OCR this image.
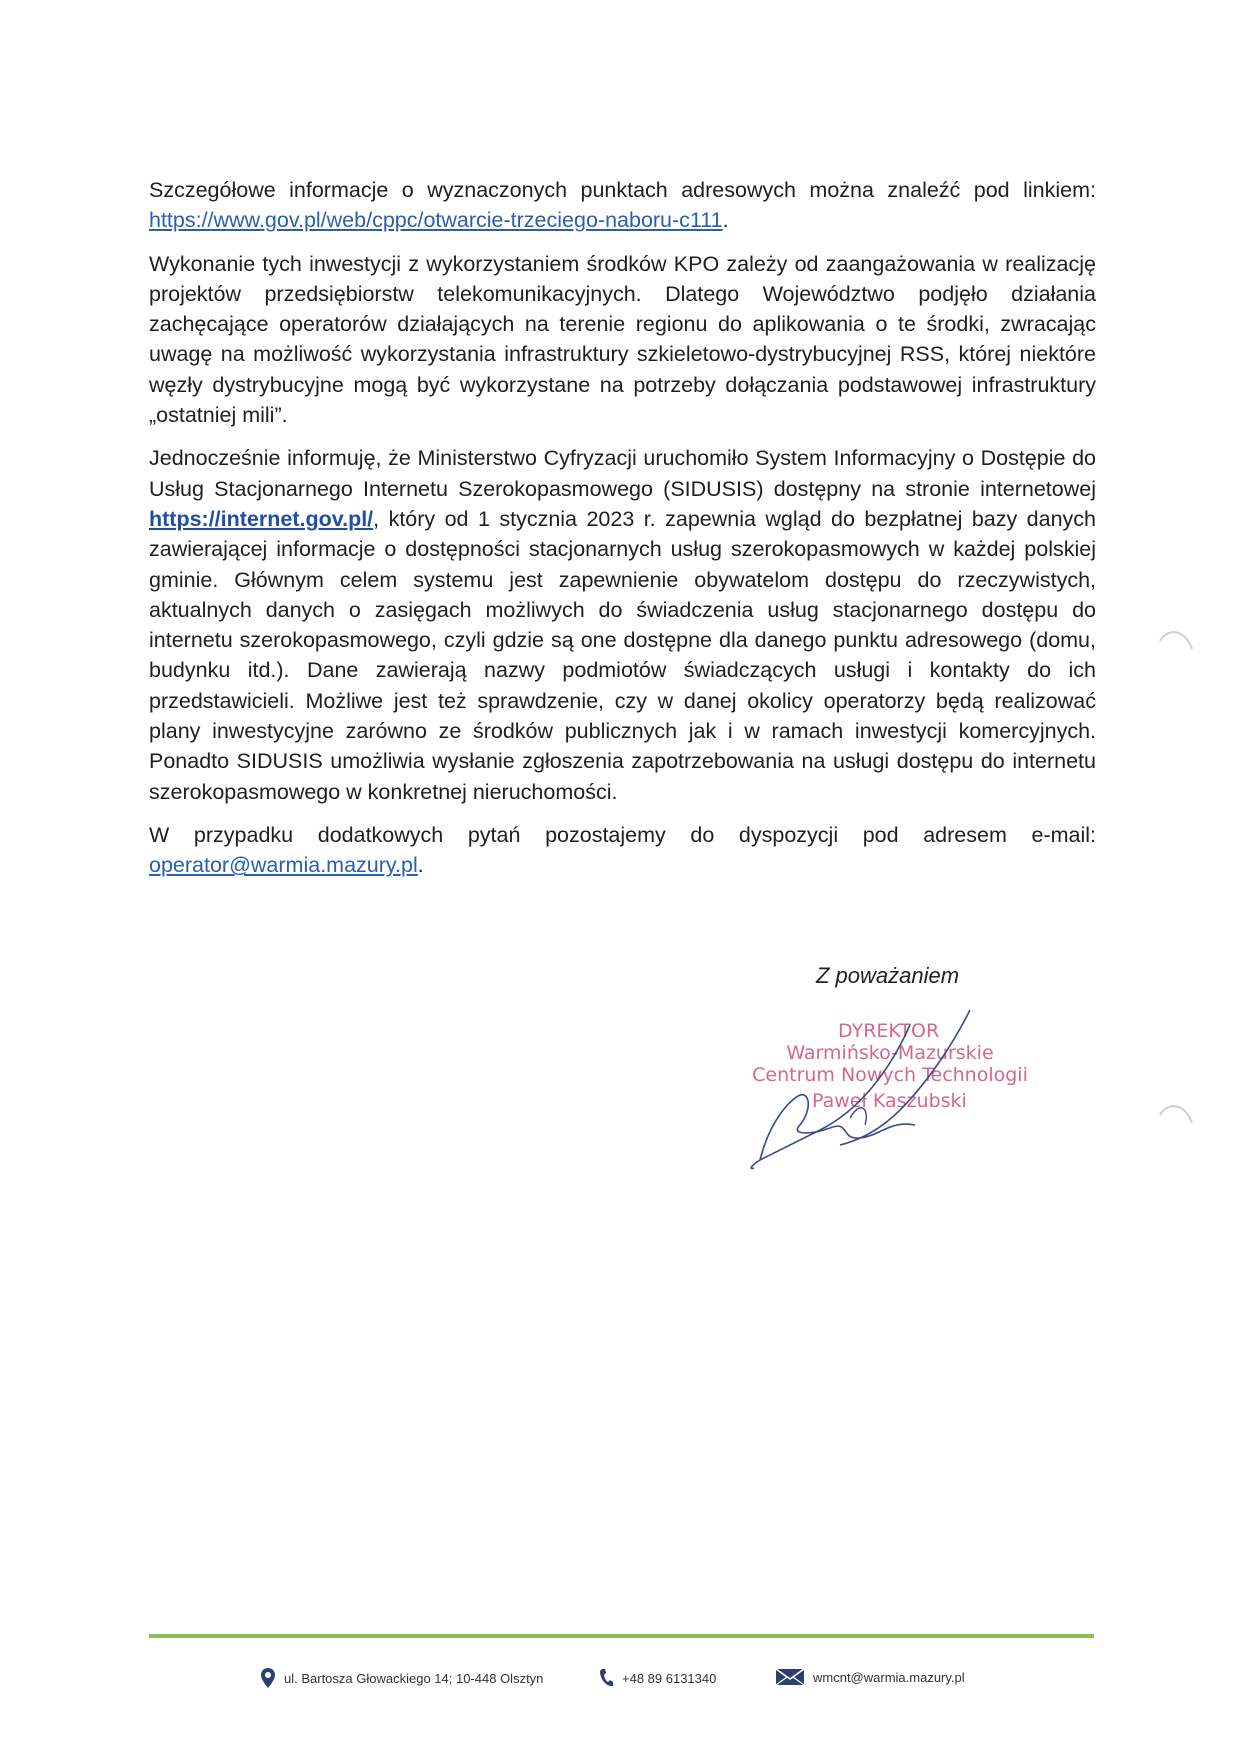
Szczegółowe informacje o wyznaczonych punktach adresowych można znaleźć pod linkiem: https://www.gov.pl/web/cppc/otwarcie-trzeciego-naboru-c111.

Wykonanie tych inwestycji z wykorzystaniem środków KPO zależy od zaangażowania w realizację projektów przedsiębiorstw telekomunikacyjnych. Dlatego Województwo podjęło działania zachęcające operatorów działających na terenie regionu do aplikowania o te środki, zwracając uwagę na możliwość wykorzystania infrastruktury szkieletowo-dystrybucyjnej RSS, której niektóre węzły dystrybucyjne mogą być wykorzystane na potrzeby dołączania podstawowej infrastruktury „ostatniej mili”.

Jednocześnie informuję, że Ministerstwo Cyfryzacji uruchomiło System Informacyjny o Dostępie do Usług Stacjonarnego Internetu Szerokopasmowego (SIDUSIS) dostępny na stronie internetowej https://internet.gov.pl/, który od 1 stycznia 2023 r. zapewnia wgląd do bezpłatnej bazy danych zawierającej informacje o dostępności stacjonarnych usług szerokopasmowych w każdej polskiej gminie. Głównym celem systemu jest zapewnienie obywatelom dostępu do rzeczywistych, aktualnych danych o zasięgach możliwych do świadczenia usług stacjonarnego dostępu do internetu szerokopasmowego, czyli gdzie są one dostępne dla danego punktu adresowego (domu, budynku itd.). Dane zawierają nazwy podmiotów świadczących usługi i kontakty do ich przedstawicieli. Możliwe jest też sprawdzenie, czy w danej okolicy operatorzy będą realizować plany inwestycyjne zarówno ze środków publicznych jak i w ramach inwestycji komercyjnych. Ponadto SIDUSIS umożliwia wysłanie zgłoszenia zapotrzebowania na usługi dostępu do internetu szerokopasmowego w konkretnej nieruchomości.

W przypadku dodatkowych pytań pozostajemy do dyspozycji pod adresem e-mail: operator@warmia.mazury.pl.

Z poważaniem
DYREKTOR
Warmińsko-Mazurskie
Centrum Nowych Technologii
Paweł Kaszubski
ul. Bartosza Głowackiego 14; 10-448 Olsztyn	+48 89 6131340	wmcnt@warmia.mazury.pl
